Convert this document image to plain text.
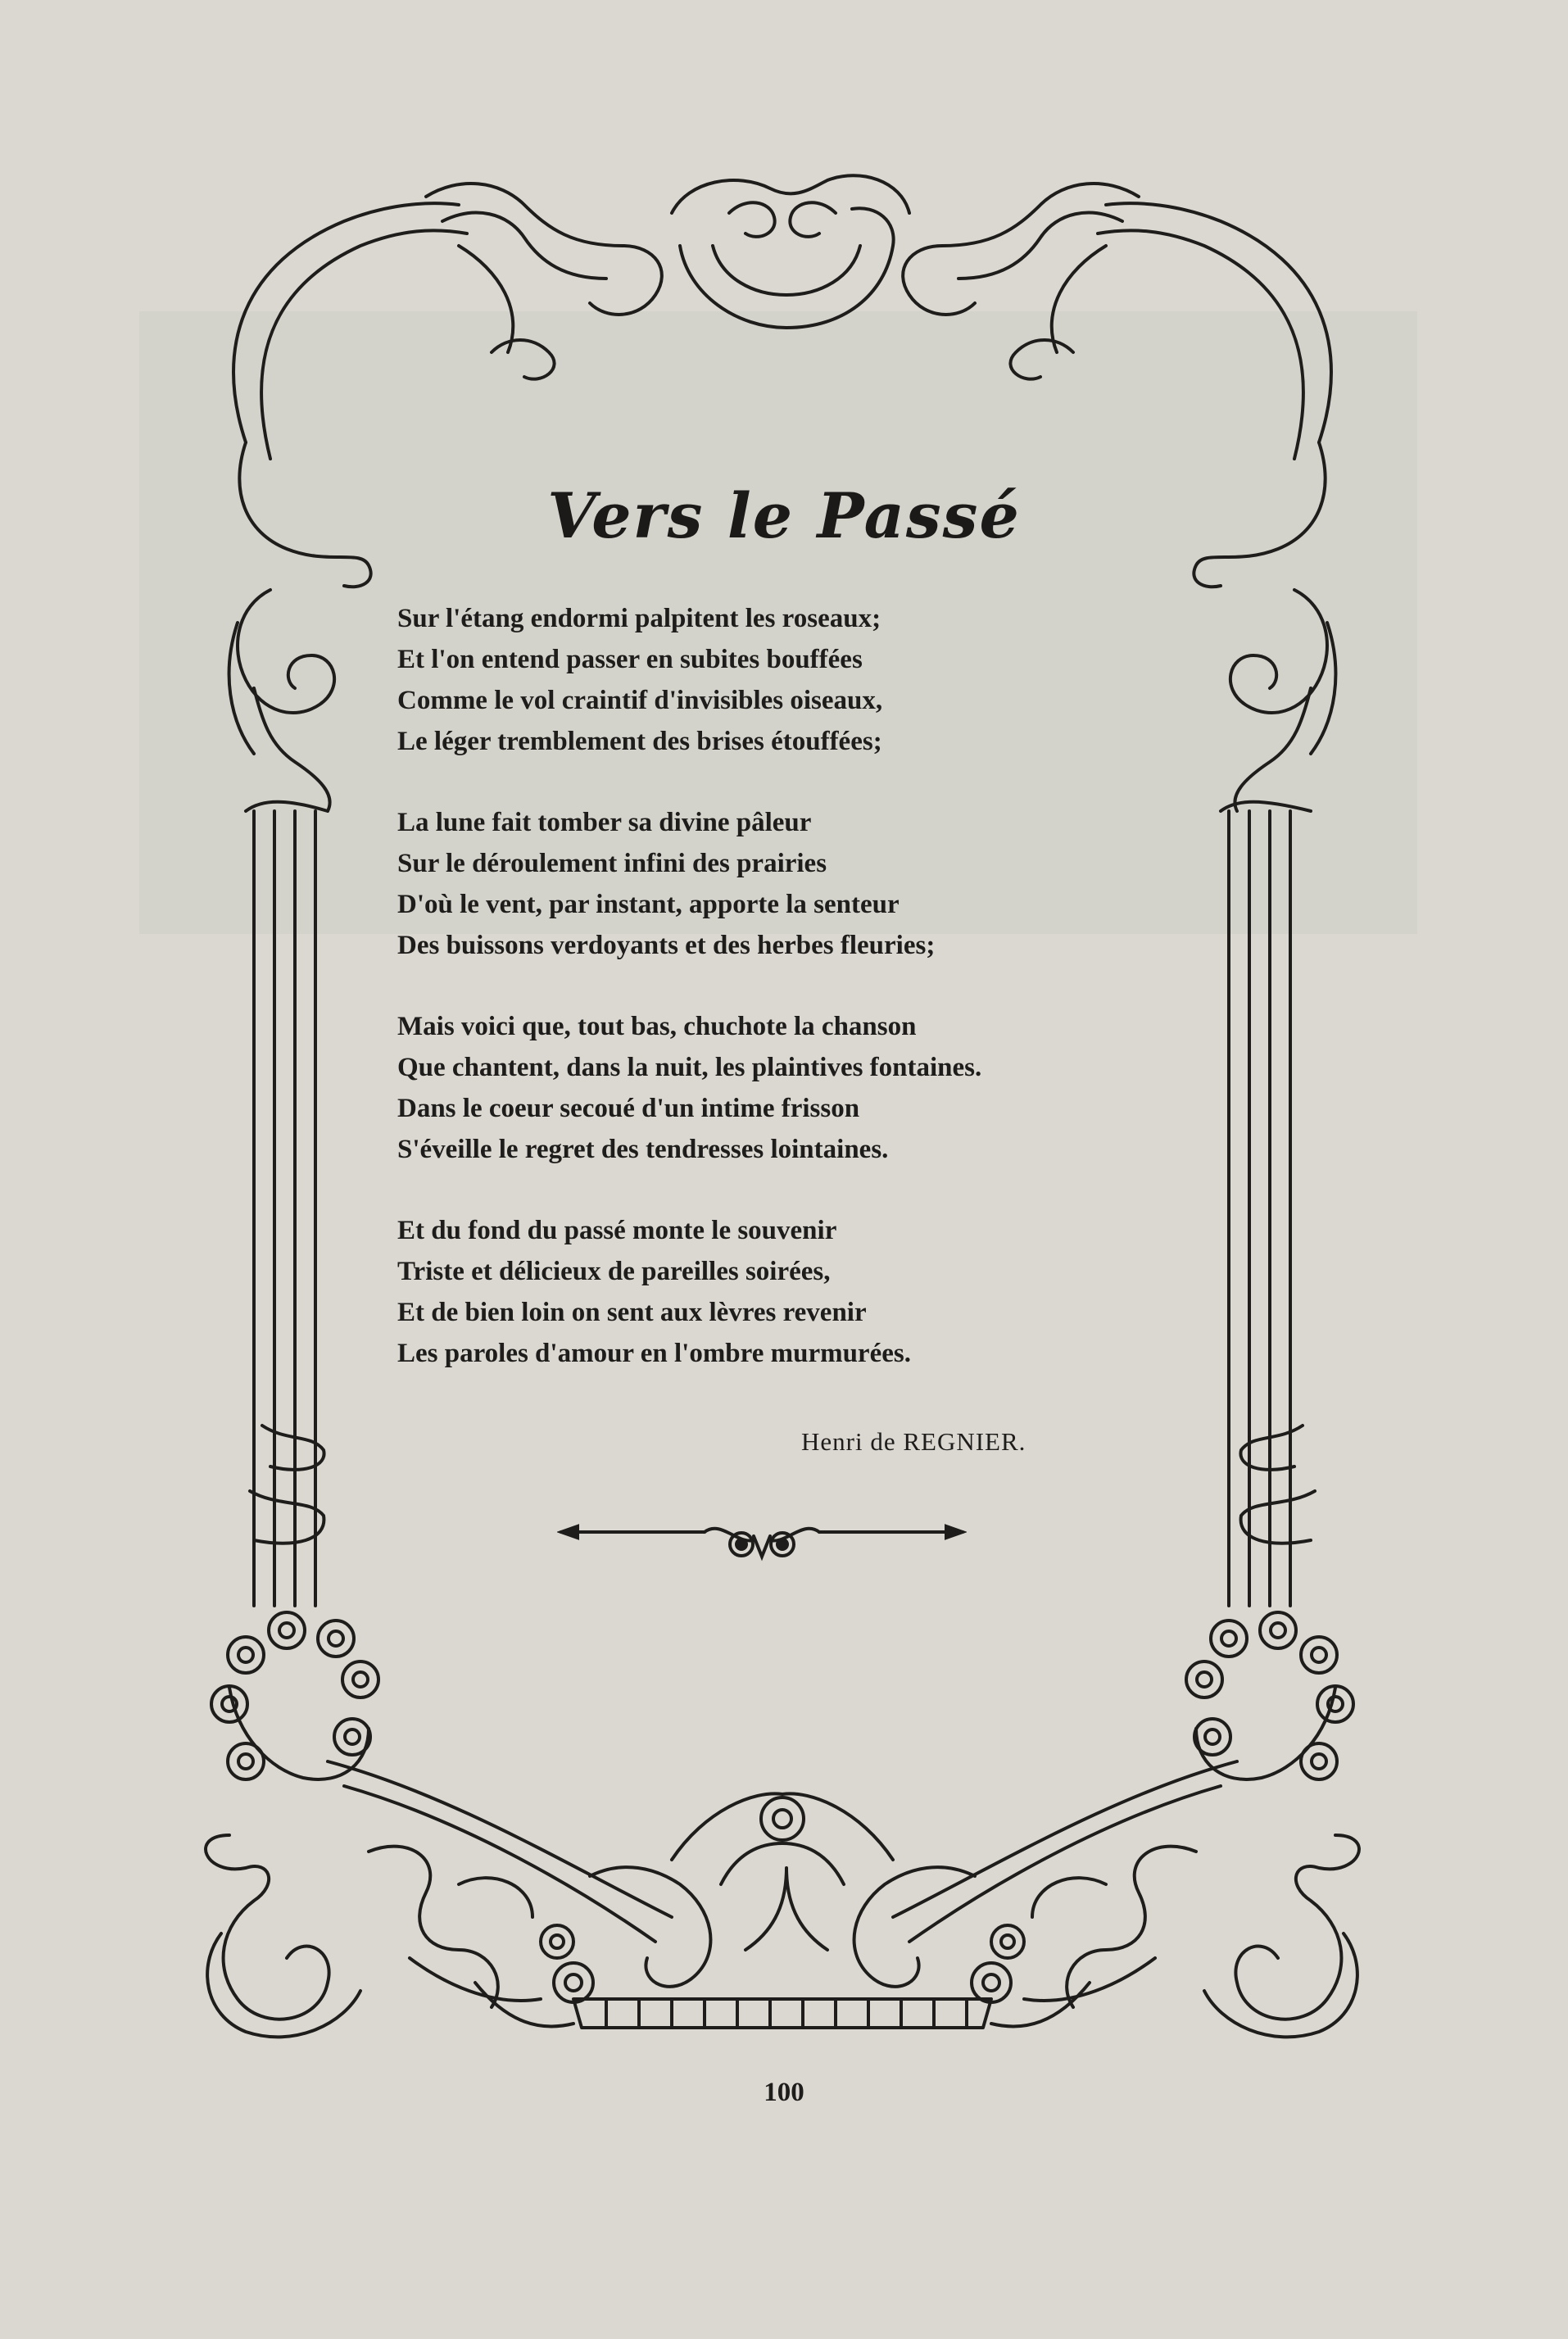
Vers le Passé
Sur l'étang endormi palpitent les roseaux;
Et l'on entend passer en subites bouffées
Comme le vol craintif d'invisibles oiseaux,
Le léger tremblement des brises étouffées;
La lune fait tomber sa divine pâleur
Sur le déroulement infini des prairies
D'où le vent, par instant, apporte la senteur
Des buissons verdoyants et des herbes fleuries;
Mais voici que, tout bas, chuchote la chanson
Que chantent, dans la nuit, les plaintives fontaines.
Dans le coeur secoué d'un intime frisson
S'éveille le regret des tendresses lointaines.
Et du fond du passé monte le souvenir
Triste et délicieux de pareilles soirées,
Et de bien loin on sent aux lèvres revenir
Les paroles d'amour en l'ombre murmurées.
Henri de REGNIER.
100
